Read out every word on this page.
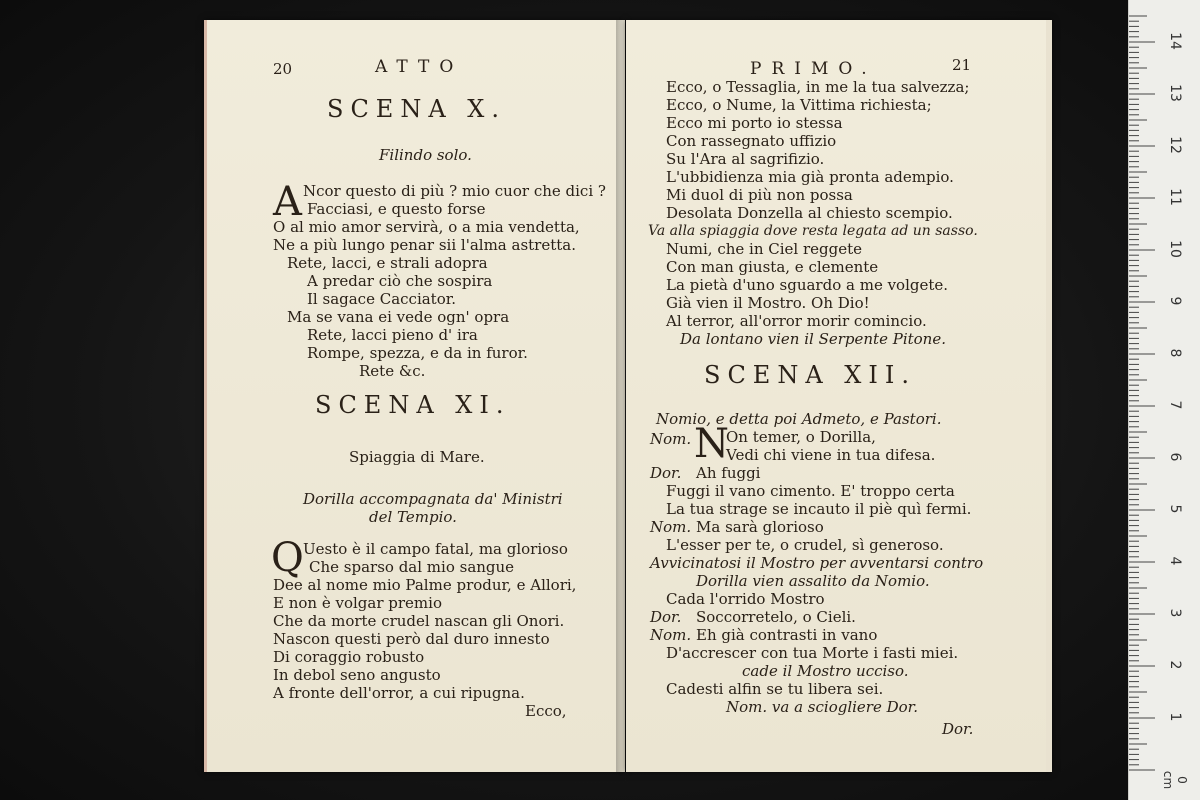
20	ATTO
SCENA X.
Filindo solo.
A Ncor questo di più ? mio cuor che dici ?
Facciasi, e questo forse
O al mio amor servirà, o a mia vendetta,
Ne a più lungo penar sii l'alma astretta.
Rete, lacci, e strali adopra
A predar ciò che sospira
Il sagace Cacciator.
Ma se vana ei vede ogn' opra
Rete, lacci pieno d' ira
Rompe, spezza, e da in furor.
Rete &c.
SCENA XI.
Spiaggia di Mare.
Dorilla accompagnata da' Ministri
del Tempio.
Q Uesto è il campo fatal, ma glorioso
Che sparso dal mio sangue
Dee al nome mio Palme produr, e Allori,
E non è volgar premio
Che da morte crudel nascan gli Onori.
Nascon questi però dal duro innesto
Di coraggio robusto
In debol seno angusto
A fronte dell'orror, a cui ripugna.
Ecco,
PRIMO.	21
Ecco, o Tessaglia, in me la tua salvezza;
Ecco, o Nume, la Vittima richiesta;
Ecco mi porto io stessa
Con rassegnato uffizio
Su l'Ara al sagrifizio.
L'ubbidienza mia già pronta adempio.
Mi duol di più non possa
Desolata Donzella al chiesto scempio.
Va alla spiaggia dove resta legata ad un sasso.
Numi, che in Ciel reggete
Con man giusta, e clemente
La pietà d'uno sguardo a me volgete.
Già vien il Mostro. Oh Dio!
Al terror, all'orror morir comincio.
Da lontano vien il Serpente Pitone.
SCENA XII.
Nomio, e detta poi Admeto, e Pastori.
Nom. N
On temer, o Dorilla,
Vedi chi viene in tua difesa.
Dor. Ah fuggi
Fuggi il vano cimento. E' troppo certa
La tua strage se incauto il piè quì fermi.
Nom. Ma sarà glorioso
L'esser per te, o crudel, sì generoso.
Avvicinatosi il Mostro per avventarsi contro
Dorilla vien assalito da Nomio.
Cada l'orrido Mostro
Dor. Soccorretelo, o Cieli.
Nom. Eh già contrasti in vano
D'accrescer con tua Morte i fasti miei.
cade il Mostro ucciso.
Cadesti alfin se tu libera sei.
Nom. va a sciogliere Dor.
Dor.
1
2
3
4
5
6
7
8
9
10
11
12
13
14
0 cm
